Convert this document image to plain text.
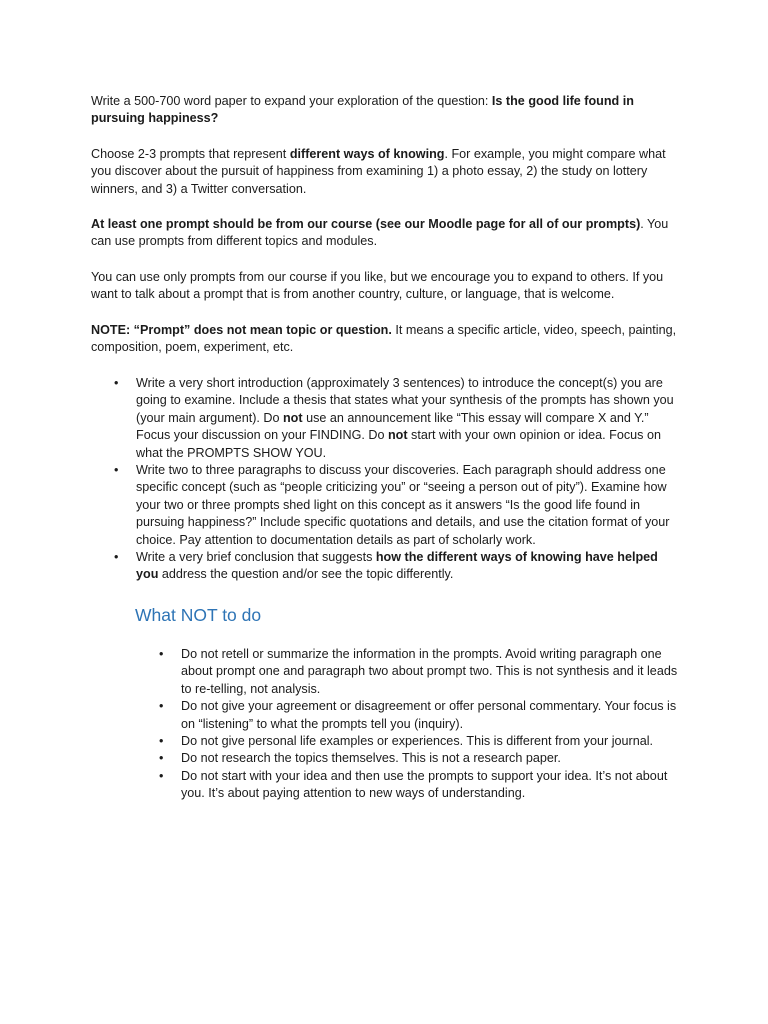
Write a 500-700 word paper to expand your exploration of the question: Is the good life found in pursuing happiness?

Choose 2-3 prompts that represent different ways of knowing. For example, you might compare what you discover about the pursuit of happiness from examining 1) a photo essay, 2) the study on lottery winners, and 3) a Twitter conversation.

At least one prompt should be from our course (see our Moodle page for all of our prompts). You can use prompts from different topics and modules.

You can use only prompts from our course if you like, but we encourage you to expand to others. If you want to talk about a prompt that is from another country, culture, or language, that is welcome.

NOTE: “Prompt” does not mean topic or question. It means a specific article, video, speech, painting, composition, poem, experiment, etc.

• Write a very short introduction (approximately 3 sentences) to introduce the concept(s) you are going to examine. Include a thesis that states what your synthesis of the prompts has shown you (your main argument). Do not use an announcement like “This essay will compare X and Y.” Focus your discussion on your FINDING. Do not start with your own opinion or idea. Focus on what the PROMPTS SHOW YOU.
• Write two to three paragraphs to discuss your discoveries. Each paragraph should address one specific concept (such as “people criticizing you” or “seeing a person out of pity”). Examine how your two or three prompts shed light on this concept as it answers “Is the good life found in pursuing happiness?” Include specific quotations and details, and use the citation format of your choice. Pay attention to documentation details as part of scholarly work.
• Write a very brief conclusion that suggests how the different ways of knowing have helped you address the question and/or see the topic differently.
What NOT to do
• Do not retell or summarize the information in the prompts. Avoid writing paragraph one about prompt one and paragraph two about prompt two. This is not synthesis and it leads to re-telling, not analysis.
• Do not give your agreement or disagreement or offer personal commentary. Your focus is on “listening” to what the prompts tell you (inquiry).
• Do not give personal life examples or experiences. This is different from your journal.
• Do not research the topics themselves. This is not a research paper.
• Do not start with your idea and then use the prompts to support your idea. It’s not about you. It’s about paying attention to new ways of understanding.
